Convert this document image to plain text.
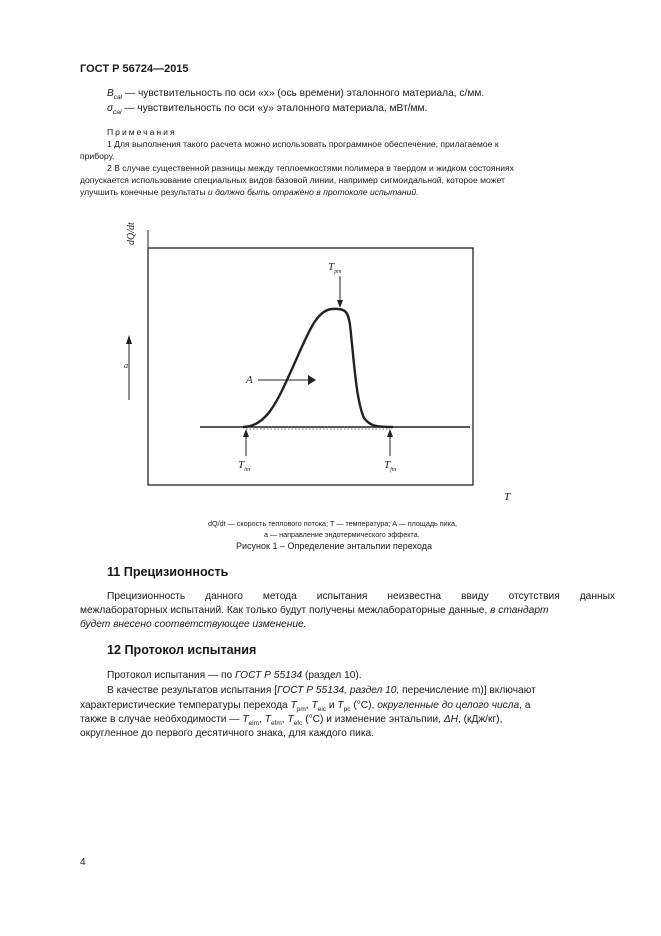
ГОСТ Р 56724—2015
$B_{cal}$ — чувствительность по оси «x» (ось времени) эталонного материала, с/мм.
$\sigma_{cal}$ — чувствительность по оси «y» эталонного материала, мВт/мм.
Примечания
1 Для выполнения такого расчета можно использовать программное обеспечение, прилагаемое к
прибору.
2 В случае существенной разницы между теплоемкостями полимера в твердом и жидком состояниях
допускается использование специальных видов базовой линии, например сигмоидальной, которое может
улучшить конечные результаты и должно быть отражено в протоколе испытаний.
dQ/dt
T
a
$T_{pm}$
A
$T_{im}$	$T_{fm}$
dQ/dt — скорость теплового потока; T — температура; A — площадь пика,
a — направление эндотермического эффекта.
Рисунок 1 – Определение энтальпии перехода
11 Прецизионность
Прецизионность данного метода испытания неизвестна ввиду отсутствия данных
межлабораторных испытаний. Как только будут получены межлабораторные данные, в стандарт
будет внесено соответствующее изменение.
12 Протокол испытания
Протокол испытания — по ГОСТ Р 55134 (раздел 10).
В качестве результатов испытания [ГОСТ Р 55134, раздел 10, перечисление m)] включают
характеристические температуры перехода $T_{pm}$, $T_{eic}$ и $T_{pc}$ (°C), округленные до целого числа, а
также в случае необходимости — $T_{eim}$, $T_{efm}$, $T_{efc}$ (°C) и изменение энтальпии, ΔH, (кДж/кг),
округленное до первого десятичного знака, для каждого пика.
4
